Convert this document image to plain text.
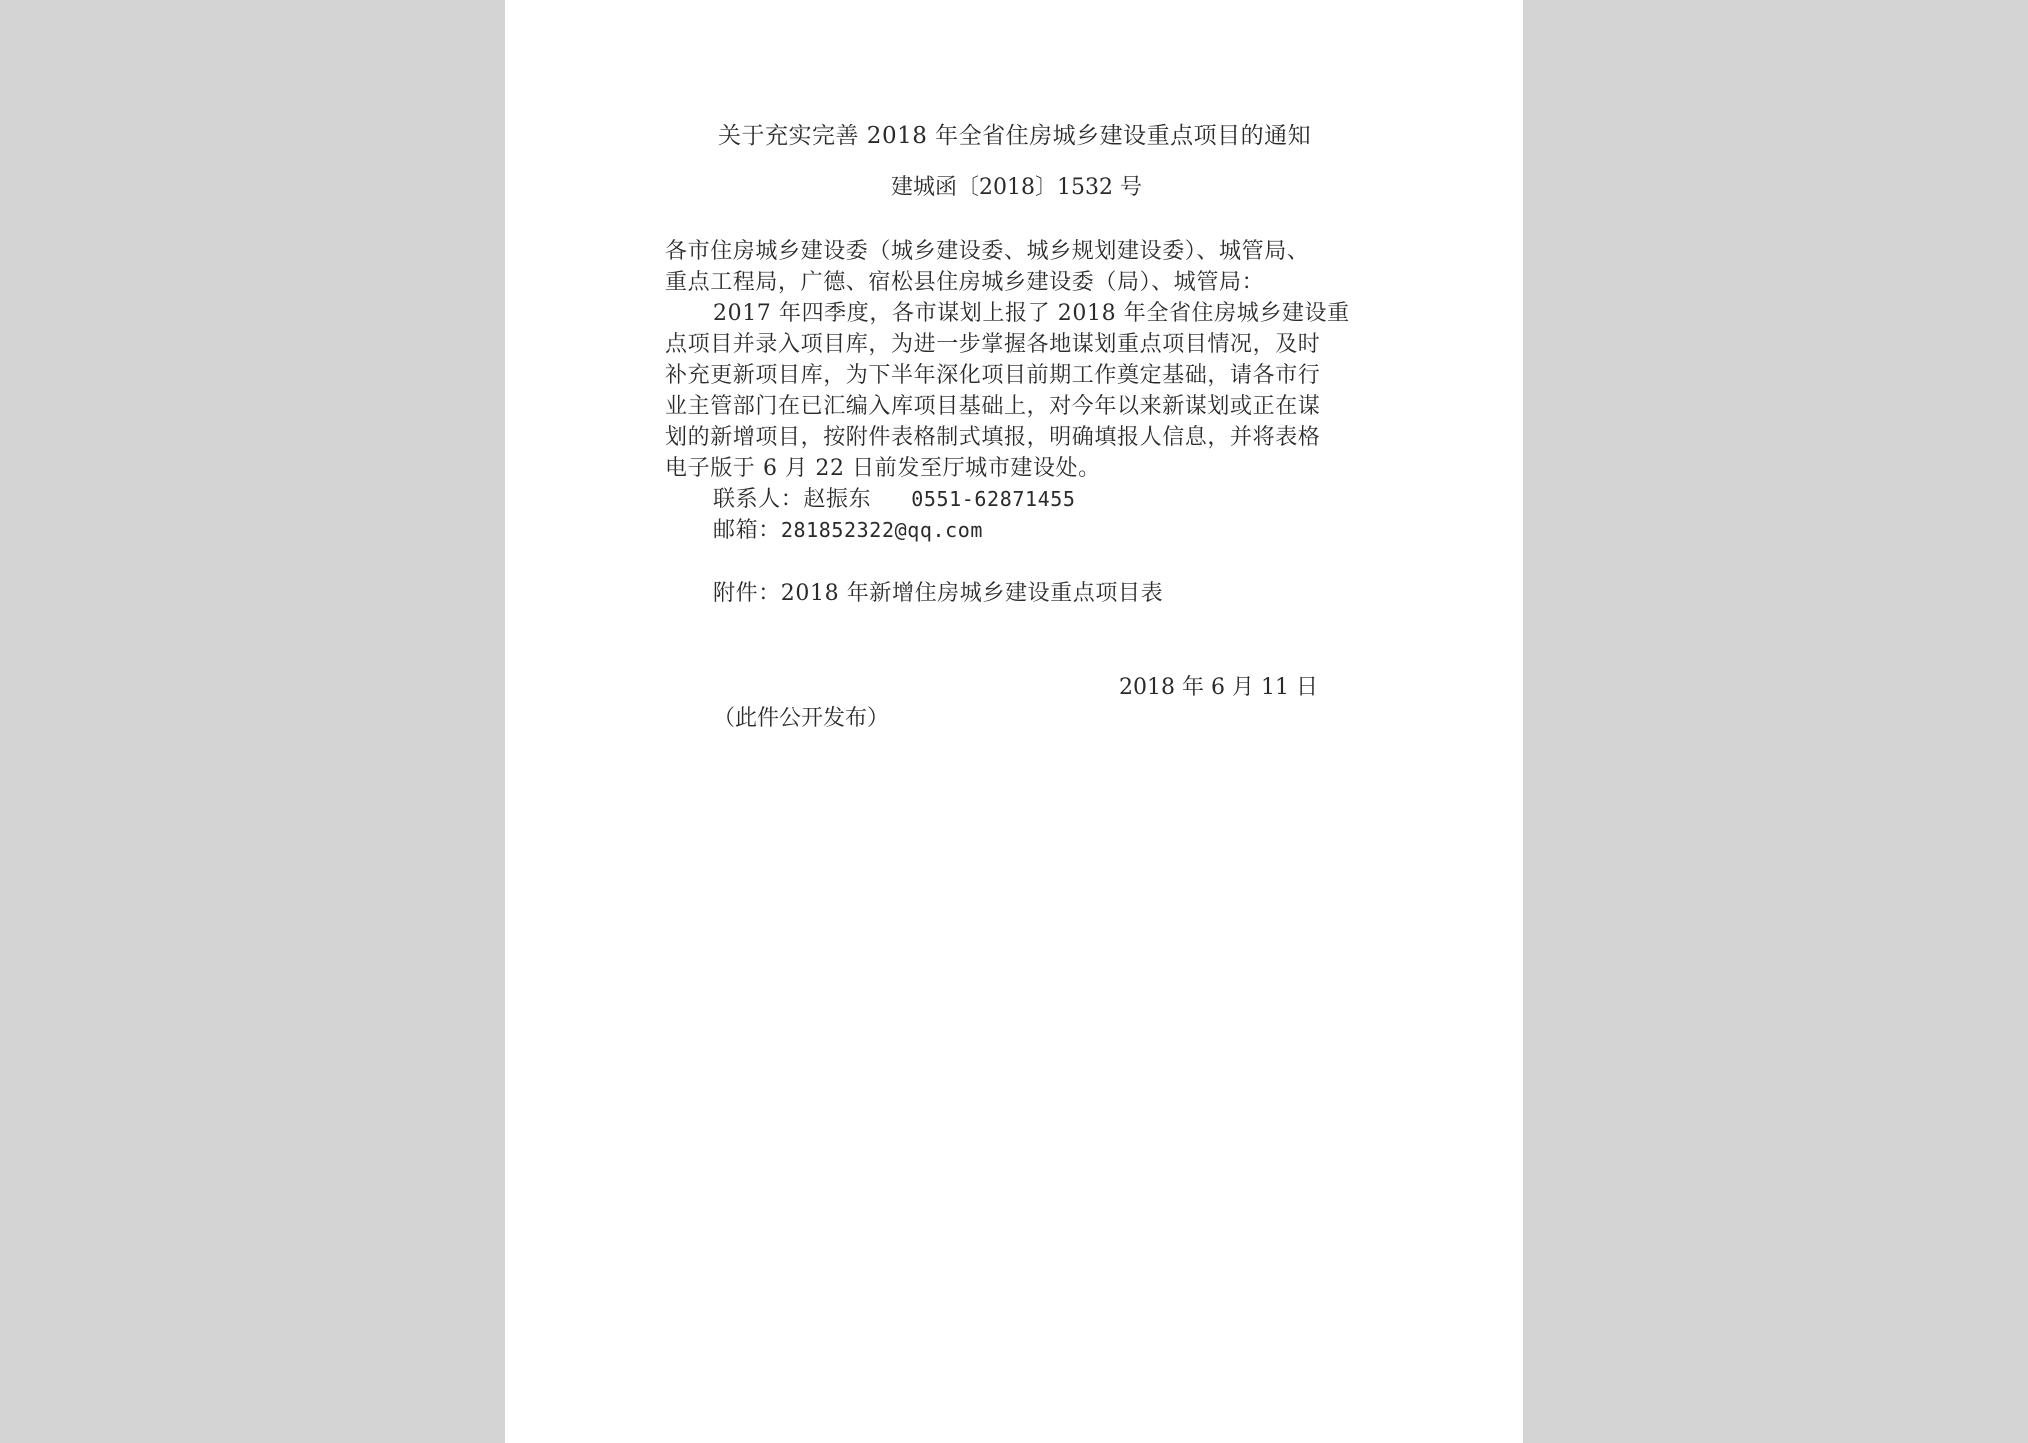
关于充实完善 2018 年全省住房城乡建设重点项目的通知
建城函〔2018〕1532 号
各市住房城乡建设委（城乡建设委、城乡规划建设委）、城管局、
重点工程局，广德、宿松县住房城乡建设委（局）、城管局：
2017 年四季度，各市谋划上报了 2018 年全省住房城乡建设重
点项目并录入项目库，为进一步掌握各地谋划重点项目情况，及时
补充更新项目库，为下半年深化项目前期工作奠定基础，请各市行
业主管部门在已汇编入库项目基础上，对今年以来新谋划或正在谋
划的新增项目，按附件表格制式填报，明确填报人信息，并将表格
电子版于 6 月 22 日前发至厅城市建设处。
联系人：赵振东 0551-62871455
邮箱：281852322@qq.com
附件：2018 年新增住房城乡建设重点项目表
2018 年 6 月 11 日
（此件公开发布）
